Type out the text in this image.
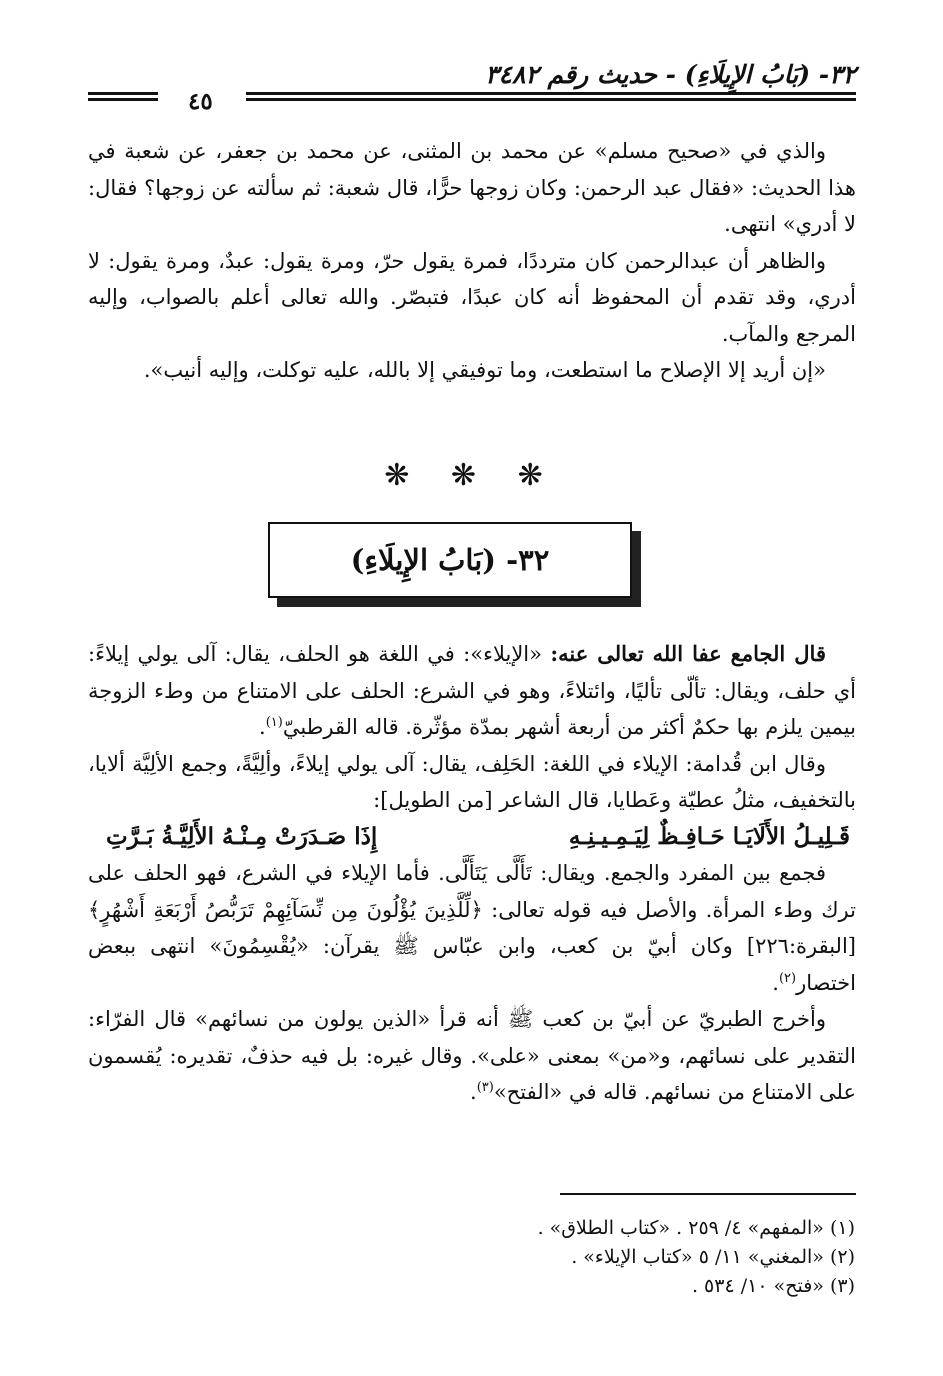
٣٢- (بَابُ الإِيلَاءِ) - حديث رقم ٣٤٨٢
٤٥

والذي في «صحيح مسلم» عن محمد بن المثنى، عن محمد بن جعفر، عن شعبة في هذا الحديث: «فقال عبد الرحمن: وكان زوجها حرًّا، قال شعبة: ثم سألته عن زوجها؟ فقال: لا أدري» انتهى.

والظاهر أن عبدالرحمن كان مترددًا، فمرة يقول حرّ، ومرة يقول: عبدٌ، ومرة يقول: لا أدري، وقد تقدم أن المحفوظ أنه كان عبدًا، فتبصّر. والله تعالى أعلم بالصواب، وإليه المرجع والمآب.

«إن أريد إلا الإصلاح ما استطعت، وما توفيقي إلا بالله، عليه توكلت، وإليه أنيب».

❋ ❋ ❋
٣٢- (بَابُ الإِيلَاءِ)

قال الجامع عفا الله تعالى عنه: «الإيلاء»: في اللغة هو الحلف، يقال: آلى يولي إيلاءً: أي حلف، ويقال: تألّى تأليًا، وائتلاءً، وهو في الشرع: الحلف على الامتناع من وطء الزوجة بيمين يلزم بها حكمٌ أكثر من أربعة أشهر بمدّة مؤثّرة. قاله القرطبيّ$^{(١)}$.

وقال ابن قُدامة: الإيلاء في اللغة: الحَلِف، يقال: آلى يولي إيلاءً، وألِيَّةً، وجمع الألِيَّة ألايا، بالتخفيف، مثلُ عطيّة وعَطايا، قال الشاعر [من الطويل]:

قَـلِيـلُ الأَلَايَـا حَـافِـظٌ لِيَـمِـيـنِـهِ
إِذَا صَـدَرَتْ مِـنْـهُ الأَلِيَّـةُ بَـرَّتِ

فجمع بين المفرد والجمع. ويقال: تَأَلَّى يَتَأَلَّى. فأما الإيلاء في الشرع، فهو الحلف على ترك وطء المرأة. والأصل فيه قوله تعالى: ﴿لِّلَّذِينَ يُؤْلُونَ مِن نِّسَآئِهِمْ تَرَبُّصُ أَرْبَعَةِ أَشْهُرٍ﴾ [البقرة:٢٢٦] وكان أبيّ بن كعب، وابن عبّاس ﷺ يقرآن: «يُقْسِمُونَ» انتهى ببعض اختصار$^{(٢)}$.

وأخرج الطبريّ عن أبيّ بن كعب ﷺ أنه قرأ «الذين يولون من نسائهم» قال الفرّاء: التقدير على نسائهم، و«من» بمعنى «على». وقال غيره: بل فيه حذفٌ، تقديره: يُقسمون على الامتناع من نسائهم. قاله في «الفتح»$^{(٣)}$.

(١) «المفهم» ٤/ ٢٥٩ . «كتاب الطلاق» .
(٢) «المغني» ١١/ ٥ «كتاب الإيلاء» .
(٣) «فتح» ١٠/ ٥٣٤ .
